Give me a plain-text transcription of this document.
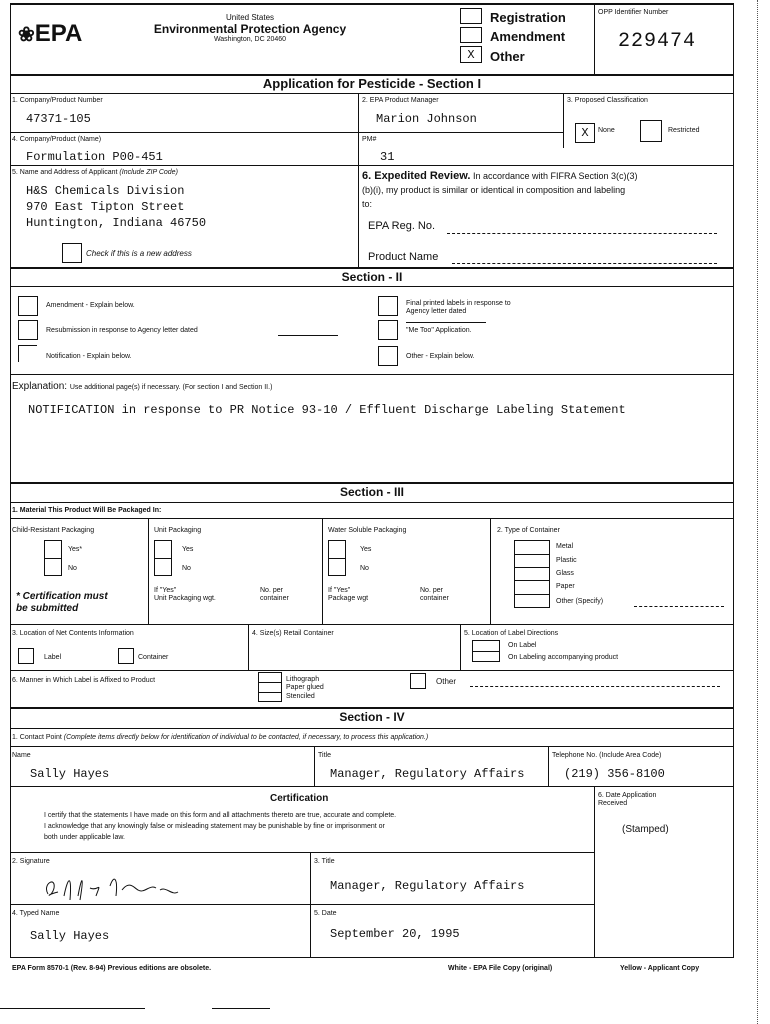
❀EPA
United States
Environmental Protection Agency
Washington, DC 20460
Registration
Amendment
X	Other
OPP Identifier Number
229474
Application for Pesticide - Section I
1. Company/Product Number
47371-105
2. EPA Product Manager
Marion Johnson
3. Proposed Classification
X	None	Restricted
4. Company/Product (Name)
Formulation P00-451
PM#
31
5. Name and Address of Applicant (Include ZIP Code)
H&S Chemicals Division
970 East Tipton Street
Huntington, Indiana 46750
Check if this is a new address
6. Expedited Review. In accordance with FIFRA Section 3(c)(3)
(b)(i), my product is similar or identical in composition and labeling
to:
EPA Reg. No.
Product Name
Section - II
Amendment - Explain below.
Resubmission in response to Agency letter dated
Notification - Explain below.
Final printed labels in response to
Agency letter dated
"Me Too" Application.
Other - Explain below.
Explanation: Use additional page(s) if necessary. (For section I and Section II.)
NOTIFICATION in response to PR Notice 93-10 / Effluent Discharge Labeling Statement
Section - III
1. Material This Product Will Be Packaged In:
Child-Resistant Packaging
Yes*
No
* Certification must
be submitted
Unit Packaging
Yes
No
If "Yes"
Unit Packaging wgt.
No. per
container
Water Soluble Packaging
Yes
No
If "Yes"
Package wgt
No. per
container
2. Type of Container
Metal
Plastic
Glass
Paper
Other (Specify)
3. Location of Net Contents Information
Label	Container
4. Size(s) Retail Container	5. Location of Label Directions
On Label
On Labeling accompanying product
6. Manner in Which Label is Affixed to Product	Lithograph
Paper glued
Stenciled
Other
Section - IV
1. Contact Point (Complete items directly below for identification of individual to be contacted, if necessary, to process this application.)
Name
Sally Hayes
Title
Manager, Regulatory Affairs
Telephone No. (Include Area Code)
(219) 356-8100
Certification
I certify that the statements I have made on this form and all attachments thereto are true, accurate and complete.
I acknowledge that any knowingly false or misleading statement may be punishable by fine or imprisonment or
both under applicable law.
6. Date Application
Received
(Stamped)
2. Signature	3. Title
Manager, Regulatory Affairs
4. Typed Name
Sally Hayes
5. Date
September 20, 1995
EPA Form 8570-1 (Rev. 8-94) Previous editions are obsolete.	White - EPA File Copy (original)	Yellow - Applicant Copy
